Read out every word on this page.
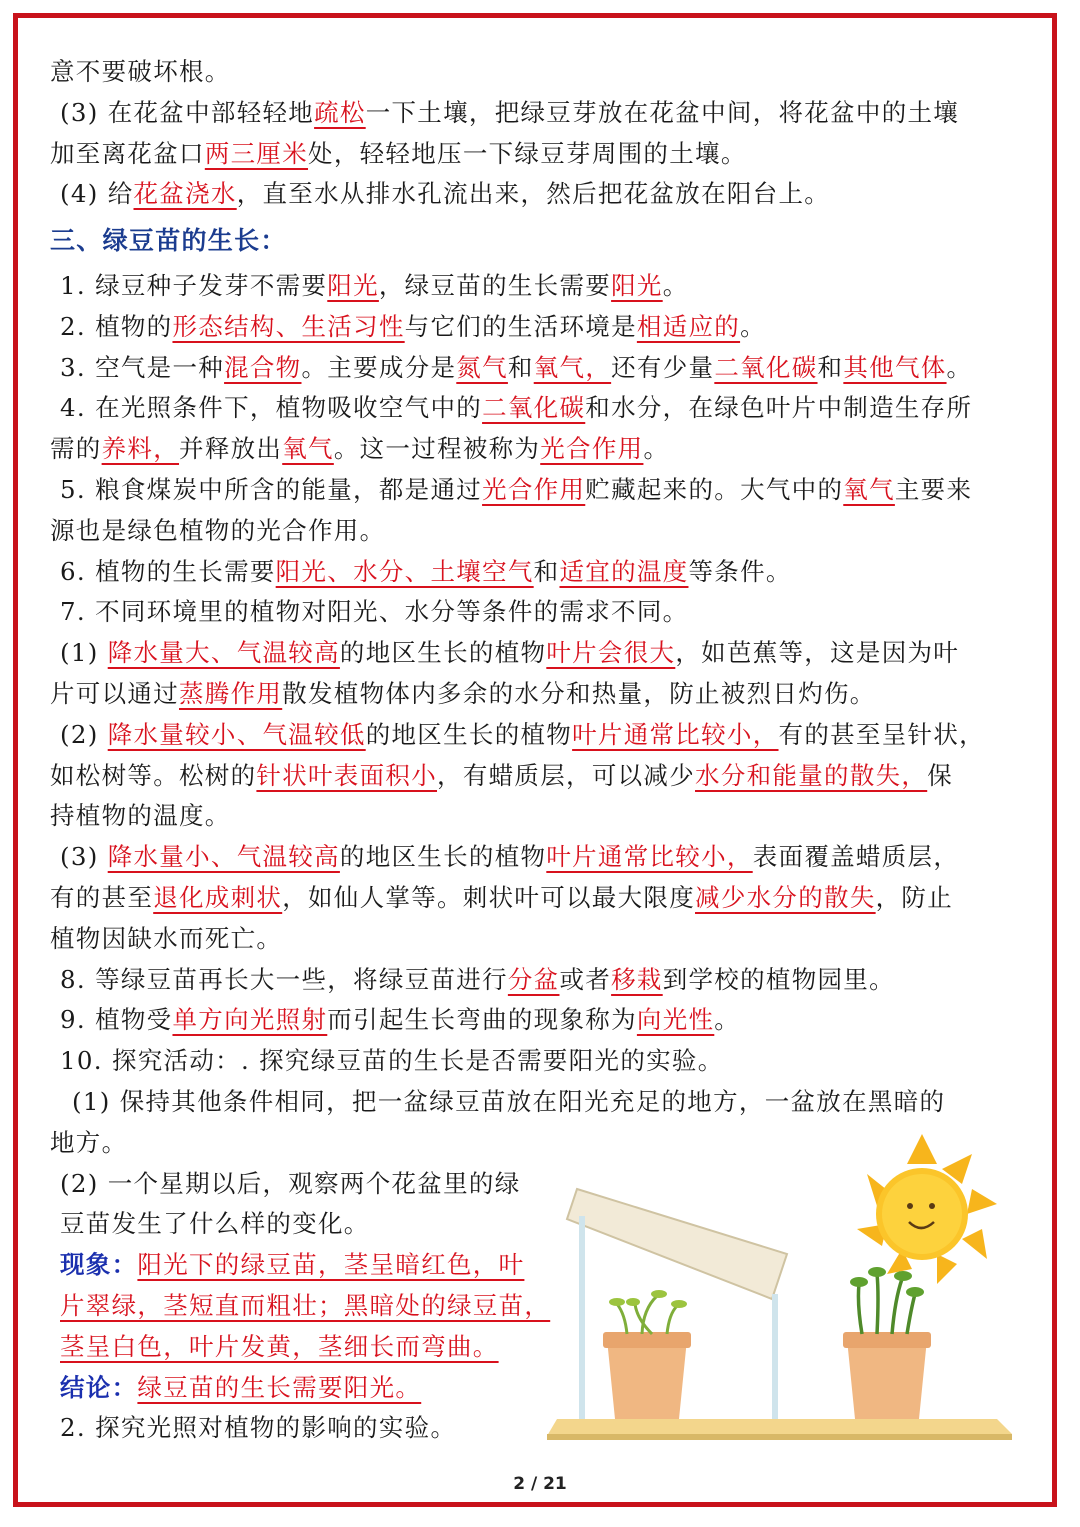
意不要破坏根。
(3) 在花盆中部轻轻地疏松一下土壤，把绿豆芽放在花盆中间，将花盆中的土壤
加至离花盆口两三厘米处，轻轻地压一下绿豆芽周围的土壤。
(4) 给花盆浇水，直至水从排水孔流出来，然后把花盆放在阳台上。
三、绿豆苗的生长：
1. 绿豆种子发芽不需要阳光，绿豆苗的生长需要阳光。
2. 植物的形态结构、生活习性与它们的生活环境是相适应的。
3. 空气是一种混合物。主要成分是氮气和氧气，还有少量二氧化碳和其他气体。
4. 在光照条件下，植物吸收空气中的二氧化碳和水分，在绿色叶片中制造生存所
需的养料，并释放出氧气。这一过程被称为光合作用。
5. 粮食煤炭中所含的能量，都是通过光合作用贮藏起来的。大气中的氧气主要来
源也是绿色植物的光合作用。
6. 植物的生长需要阳光、水分、土壤空气和适宜的温度等条件。
7. 不同环境里的植物对阳光、水分等条件的需求不同。
(1) 降水量大、气温较高的地区生长的植物叶片会很大，如芭蕉等，这是因为叶
片可以通过蒸腾作用散发植物体内多余的水分和热量，防止被烈日灼伤。
(2) 降水量较小、气温较低的地区生长的植物叶片通常比较小，有的甚至呈针状，
如松树等。松树的针状叶表面积小，有蜡质层，可以减少水分和能量的散失，保
持植物的温度。
(3) 降水量小、气温较高的地区生长的植物叶片通常比较小，表面覆盖蜡质层，
有的甚至退化成刺状，如仙人掌等。刺状叶可以最大限度减少水分的散失，防止
植物因缺水而死亡。
8. 等绿豆苗再长大一些，将绿豆苗进行分盆或者移栽到学校的植物园里。
9. 植物受单方向光照射而引起生长弯曲的现象称为向光性。
10. 探究活动：. 探究绿豆苗的生长是否需要阳光的实验。
(1) 保持其他条件相同，把一盆绿豆苗放在阳光充足的地方，一盆放在黑暗的
地方。
(2) 一个星期以后，观察两个花盆里的绿
豆苗发生了什么样的变化。
现象：阳光下的绿豆苗，茎呈暗红色，叶
片翠绿，茎短直而粗壮；黑暗处的绿豆苗，
茎呈白色，叶片发黄，茎细长而弯曲。
结论：绿豆苗的生长需要阳光。
2. 探究光照对植物的影响的实验。
2 / 21
